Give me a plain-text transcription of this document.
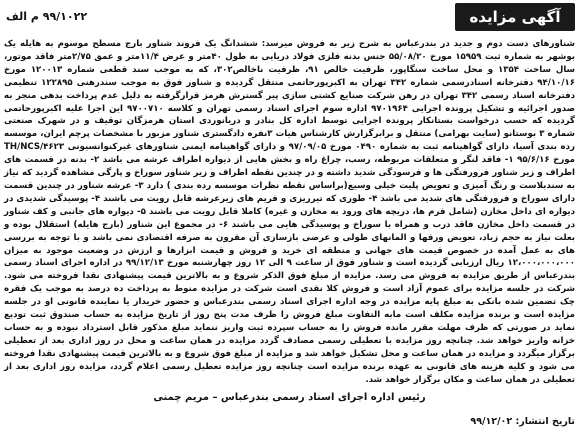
۹۹/۱۰۲۲ م الف	آگهی مزایده
شناورهای دست دوم و جدید در بندرعباس به شرح زیر به فروش میرسد: ششدانگ یک فروند شناور بارج مسطح موسوم به هایله یک بوشهر به شماره ثبت ۱۵۹۵۹ مورخ ۵۵/۰۸/۲۰ جنس بدنه فلزی فولاد دریایی به طول ۴۰متر و عرض ۱۱/۴متر و عمق ۲/۷۵متر فاقد موتور، سال ساخت ۱۳۵۴ و محل ساخت سنگاپور، ظرفیت خالص ۹۱، ظرفیت ناخالص۳۰۲، که به موجب سند قطعی شماره ۱۲۰۰۱۳ مورخ ۹۴/۱۰/۱۶ دفترخانه اسنادرسمی شماره ۳۴۲ تهران به اکبرپورحاتمی منتقل گردیده و شناور فوق به موجب سندرهنی ۱۲۲۸۹۵ تنظیمی دفترخانه اسناد رسمی ۳۴۲ تهران در رهن شرکت صنایع کشتی سازی پیر گسترش هرمز قرارگرفته به دلیل عدم پرداخت بدهی منجر به صدور اجرائیه و تشکیل پرونده اجرایی ۹۷۰۱۹۶۴ اداره سوم اجرای اسناد رسمی تهران و کلاسه ۹۷۰۰۷۱۰ این اجرا علیه اکبرپورحاتمی گردیده که حسب درخواست بستانکار پرونده اجرایی توسط اداره کل بنادر و دریانوردی استان هرمزگان توقیف و در شهرک صنعتی شماره ۳ بوستانو (سایت بهرامی) منتقل و برابرگزارش کارشناس هیات ۳نفره دادگستری شناور مزبور با مشخصات پرچم ایران، موسسه رده بندی آسیا، دارای گواهینامه ثبت به شماره ۰۴۹۰ مورخ ۹۷/۰۹/۰۵ و دارای گواهینامه ایمنی شناورهای غیرکنوانسیونی TH/NCS/۴۶۲۳ مورخ ۹۵/۶/۱۶ ۱- فاقد لنگر و متعلقات مربوطه، رسب، چراغ راه و بخش هایی از دیواره اطراف عرشه می باشد ۲- بدنه در قسمت های اطراف و زیر شناور فرورفتگی ها و فرسودگی شدید داشته و در چندین نقطه اطراف و زیر شناور سوراخ و پارگی مشاهده گردید که نیاز به سندبلاست و رنگ آمیزی و تعویض پلیت خیلی وسیع(براساس نقطه نظرات موسسه رده بندی ) دارد ۳- عرشه شناور در چندین قسمت دارای سوراخ و فرورفتگی های شدید می باشد ۴- طوری که تیرریزی و فریم های زیرعرشه قابل رویت می باشند ۴- پوسیدگی شدیدی در دیواره ای داخل مخازن (شامل فرم ها، دریچه های ورود به مخازن و غیره) کاملا قابل رویت می باشند ۵- دیواره های جانبی و کف شناور در قسمت داخل مخازن فاقد درب و همراه با سوراخ و پوسیدگی هایی می باشند ۶- در مجموع این شناور (بارج هایله) استقلال بوده و بعلت نیاز به حجم زیاد، تعویض ورقها و المانهای طولی و عرضی بازسازی آن مقرون به صرفه اقتصادی نمی باشد و با توجه به بررسی های به عمل آمده در خصوص قیمت های جهانی و منطقه ای خرید و فروش و قیمت ابزارها و ارزش در وضعیت موجود به میزان ۱۲،۰۰۰،۰۰۰،۰۰۰ ریال ارزیابی گردیده است و شناور فوق از ساعت ۹ الی ۱۲ روز چهارشنبه مورخ ۹۹/۱۲/۱۳ در اداره اجرای اسناد رسمی بندرعباس از طریق مزایده به فروش می رسد. مزایده از مبلغ فوق الذکر شروع و به بالاترین قیمت پیشنهادی نقدا فروخته می شود. شرکت در جلسه مزایده برای عموم آزاد است و فروش کلا نقدی است شرکت در مزایده منوط به پرداخت ده درصد به موجب یک فقره چک تضمین شده بانکی به مبلغ پایه مزایده در وجه اداره اجرای اسناد رسمی بندرعباس و حضور خریدار یا نماینده قانونی او در جلسه مزایده است و برنده مزایده مکلف است مابه التفاوت مبلغ فروش را ظرف مدت پنج روز از تاریخ مزایده به حساب صندوق ثبت تودیع نماید در صورتی که ظرف مهلت مقرر مانده فروش را به حساب سپرده ثبت واریز ننماید مبلغ مذکور قابل استرداد نبوده و به حساب خزانه واریز خواهد شد. چنانچه روز مزایده با تعطیلی رسمی مصادف گردد مزایده در همان ساعت و محل در روز اداری بعد از تعطیلی برگزار میگردد و مزایده در همان ساعت و محل تشکیل خواهد شد و مزایده از مبلغ فوق شروع و به بالاترین قیمت پیشنهادی نقدا فروخته می شود و کلیه هزینه های قانونی به عهده برنده مزایده است چنانچه روز مزایده تعطیل رسمی اعلام گردد، مزایده روز اداری بعد از تعطیلی در همان ساعت و مکان برگزار خواهد شد.
رئیس اداره اجرای اسناد رسمی بندرعباس – مریم چمنی
تاریخ انتشار: ۹۹/۱۲/۰۲
